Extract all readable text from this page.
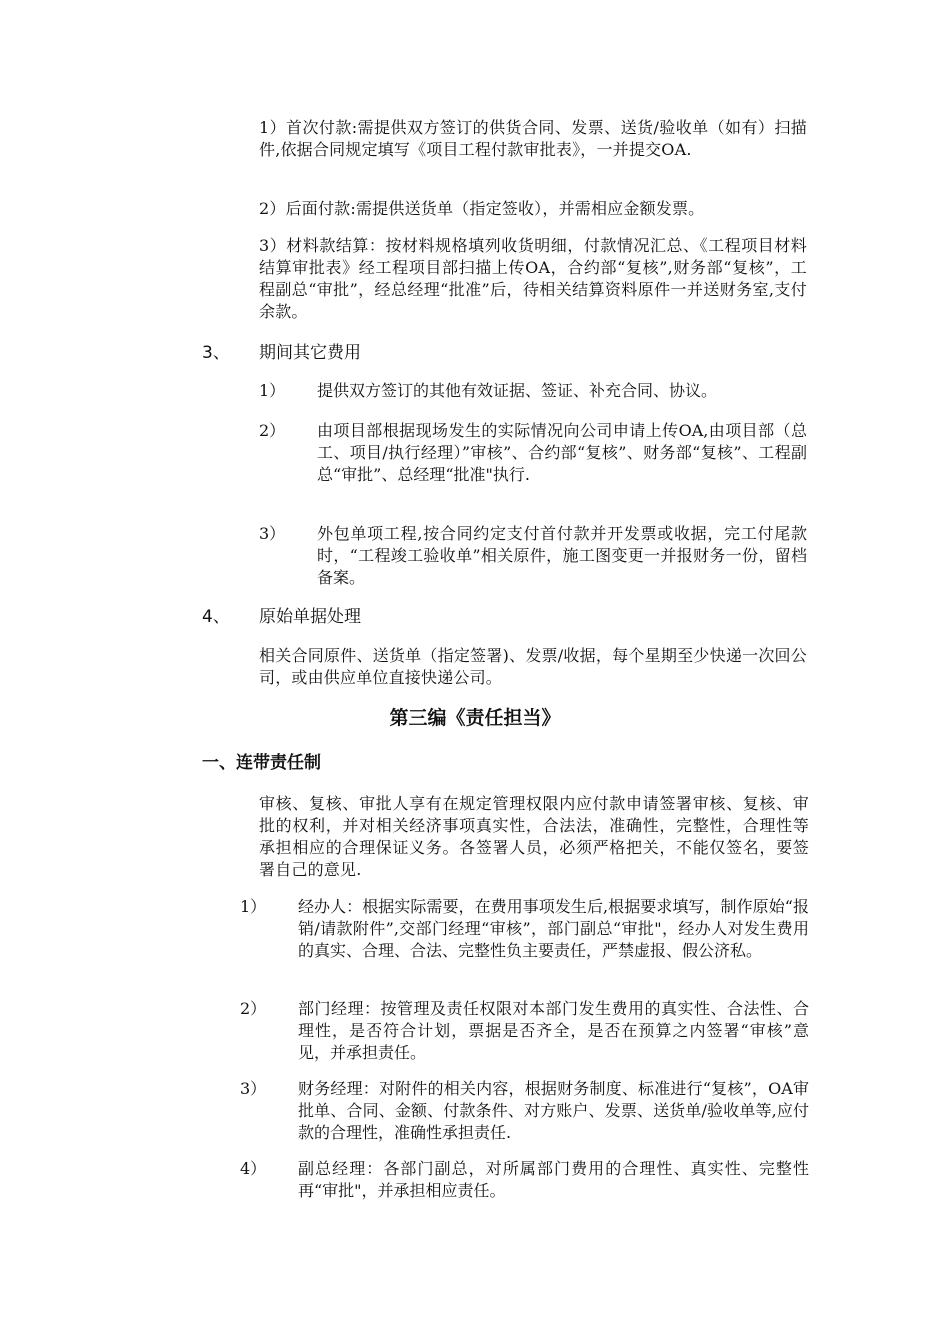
1）首次付款:需提供双方签订的供货合同、发票、送货/验收单（如有）扫描件,依据合同规定填写《项目工程付款审批表》，一并提交OA.

2）后面付款:需提供送货单（指定签收），并需相应金额发票。

3）材料款结算：按材料规格填列收货明细，付款情况汇总、《工程项目材料结算审批表》经工程项目部扫描上传OA，合约部“复核”,财务部“复核”，工程副总“审批”，经总经理“批准”后，待相关结算资料原件一并送财务室,支付余款。

3、 期间其它费用
1） 提供双方签订的其他有效证据、签证、补充合同、协议。
2） 由项目部根据现场发生的实际情况向公司申请上传OA,由项目部（总工、项目/执行经理）”审核”、合约部“复核”、财务部“复核”、工程副总“审批”、总经理“批准"执行.
3） 外包单项工程,按合同约定支付首付款并开发票或收据，完工付尾款时，“工程竣工验收单”相关原件，施工图变更一并报财务一份，留档备案。
4、 原始单据处理

相关合同原件、送货单（指定签署)、发票/收据，每个星期至少快递一次回公司，或由供应单位直接快递公司。

第三编《责任担当》
一、连带责任制

审核、复核、审批人享有在规定管理权限内应付款申请签署审核、复核、审批的权利，并对相关经济事项真实性，合法法，准确性，完整性，合理性等承担相应的合理保证义务。各签署人员，必须严格把关，不能仅签名，要签署自己的意见.

1） 经办人：根据实际需要，在费用事项发生后,根据要求填写，制作原始“报销/请款附件”,交部门经理“审核”，部门副总“审批"，经办人对发生费用的真实、合理、合法、完整性负主要责任，严禁虚报、假公济私。
2） 部门经理：按管理及责任权限对本部门发生费用的真实性、合法性、合理性，是否符合计划，票据是否齐全，是否在预算之内签署“审核”意见，并承担责任。
3） 财务经理：对附件的相关内容，根据财务制度、标准进行“复核”，OA审批单、合同、金额、付款条件、对方账户、发票、送货单/验收单等,应付款的合理性，准确性承担责任.
4） 副总经理：各部门副总，对所属部门费用的合理性、真实性、完整性再“审批"，并承担相应责任。
